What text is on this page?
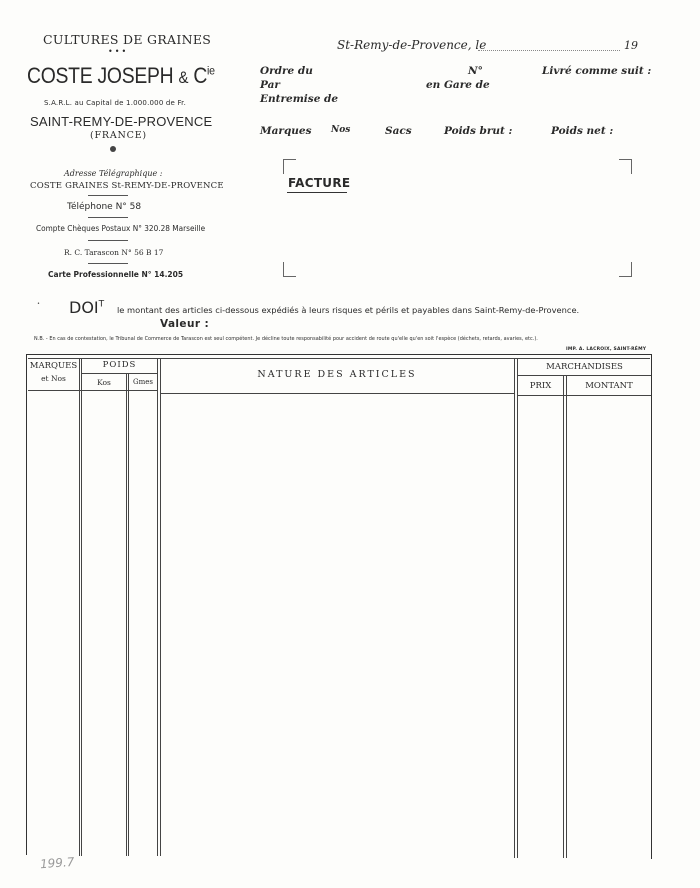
CULTURES DE GRAINES
•••
COSTE JOSEPH & $C^{ie}$
S.A.R.L. au Capital de 1.000.000 de Fr.
SAINT-REMY-DE-PROVENCE
(FRANCE)
Adresse Télégraphique :
COSTE GRAINES St-REMY-DE-PROVENCE
Téléphone N° 58
Compte Chèques Postaux N° 320.28 Marseille
R. C. Tarascon N° 56 B 17
Carte Professionnelle N° 14.205
St-Remy-de-Provence, le	19
Ordre du	N°	Livré comme suit :
Par	en Gare de
Entremise de
Marques Nos	Sacs	Poids brut :	Poids net :
FACTURE
• $DOI^T$
le montant des articles ci-dessous expédiés à leurs risques et périls et payables dans Saint-Remy-de-Provence.
Valeur :
N.B. - En cas de contestation, le Tribunal de Commerce de Tarascon est seul compétent. Je décline toute responsabilité pour accident de route qu'elle qu'en soit l'espèce (déchets, retards, avaries, etc.).
IMP. A. LACROIX, SAINT-RÉMY
MARQUES
et Nos
POIDS
Kos	Gmes
NATURE DES ARTICLES
MARCHANDISES
PRIX	MONTANT
199.7
